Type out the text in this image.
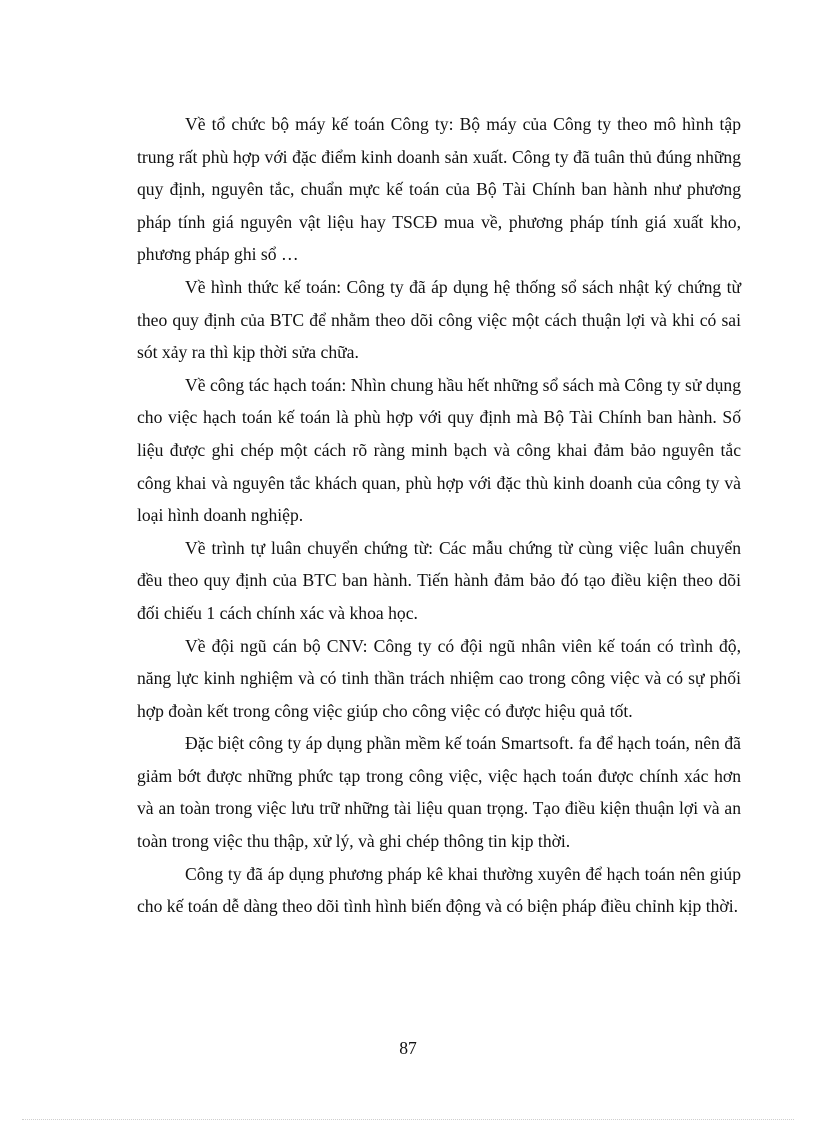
Về tổ chức bộ máy kế toán Công ty: Bộ máy của Công ty theo mô hình tập trung rất phù hợp với đặc điểm kinh doanh sản xuất. Công ty đã tuân thủ đúng những quy định, nguyên tắc, chuẩn mực kế toán của Bộ Tài Chính ban hành như phương pháp tính giá nguyên vật liệu hay TSCĐ mua về, phương pháp tính giá xuất kho, phương pháp ghi sổ …

Về hình thức kế toán: Công ty đã áp dụng hệ thống sổ sách nhật ký chứng từ theo quy định của BTC để nhằm theo dõi công việc một cách thuận lợi và khi có sai sót xảy ra thì kịp thời sửa chữa.

Về công tác hạch toán: Nhìn chung hầu hết những sổ sách mà Công ty sử dụng cho việc hạch toán kế toán là phù hợp với quy định mà Bộ Tài Chính ban hành. Số liệu được ghi chép một cách rõ ràng minh bạch và công khai đảm bảo nguyên tắc công khai và nguyên tắc khách quan, phù hợp với đặc thù kinh doanh của công ty và loại hình doanh nghiệp.

Về trình tự luân chuyển chứng từ: Các mẫu chứng từ cùng việc luân chuyển đều theo quy định của BTC ban hành. Tiến hành đảm bảo đó tạo điều kiện theo dõi đối chiếu 1 cách chính xác và khoa học.

Về đội ngũ cán bộ CNV: Công ty có đội ngũ nhân viên kế toán có trình độ, năng lực kinh nghiệm và có tinh thần trách nhiệm cao trong công việc và có sự phối hợp đoàn kết trong công việc giúp cho công việc có được hiệu quả tốt.

Đặc biệt công ty áp dụng phần mềm kế toán Smartsoft. fa để hạch toán, nên đã giảm bớt được những phức tạp trong công việc, việc hạch toán được chính xác hơn và an toàn trong việc lưu trữ những tài liệu quan trọng. Tạo điều kiện thuận lợi và an toàn trong việc thu thập, xử lý, và ghi chép thông tin kịp thời.

Công ty đã áp dụng phương pháp kê khai thường xuyên để hạch toán nên giúp cho kế toán dễ dàng theo dõi tình hình biến động và có biện pháp điều chỉnh kịp thời.

87
